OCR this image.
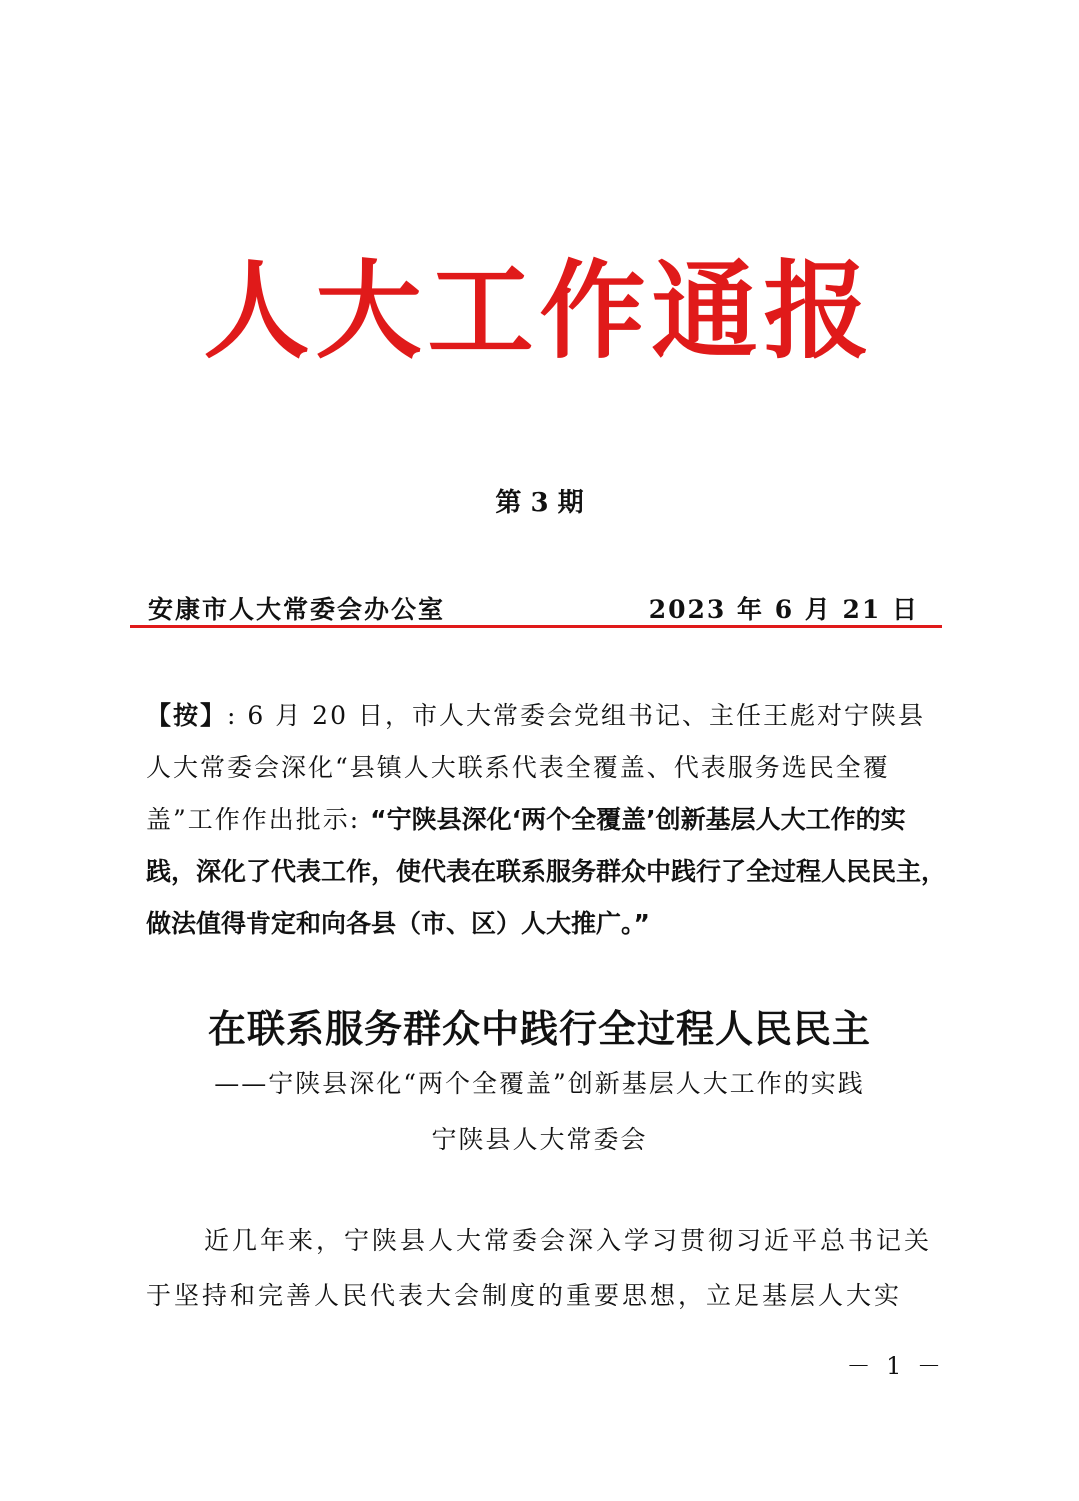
人大工作通报
第 3 期
安康市人大常委会办公室	2023 年 6 月 21 日
【按】: 6 月 20 日，市人大常委会党组书记、主任王彪对宁陕县人大常委会深化“县镇人大联系代表全覆盖、代表服务选民全覆盖”工作作出批示: “宁陕县深化‘两个全覆盖’创新基层人大工作的实践，深化了代表工作，使代表在联系服务群众中践行了全过程人民民主，做法值得肯定和向各县（市、区）人大推广。”
在联系服务群众中践行全过程人民民主
——宁陕县深化“两个全覆盖”创新基层人大工作的实践
宁陕县人大常委会
近几年来，宁陕县人大常委会深入学习贯彻习近平总书记关于坚持和完善人民代表大会制度的重要思想，立足基层人大实
－ 1 －
